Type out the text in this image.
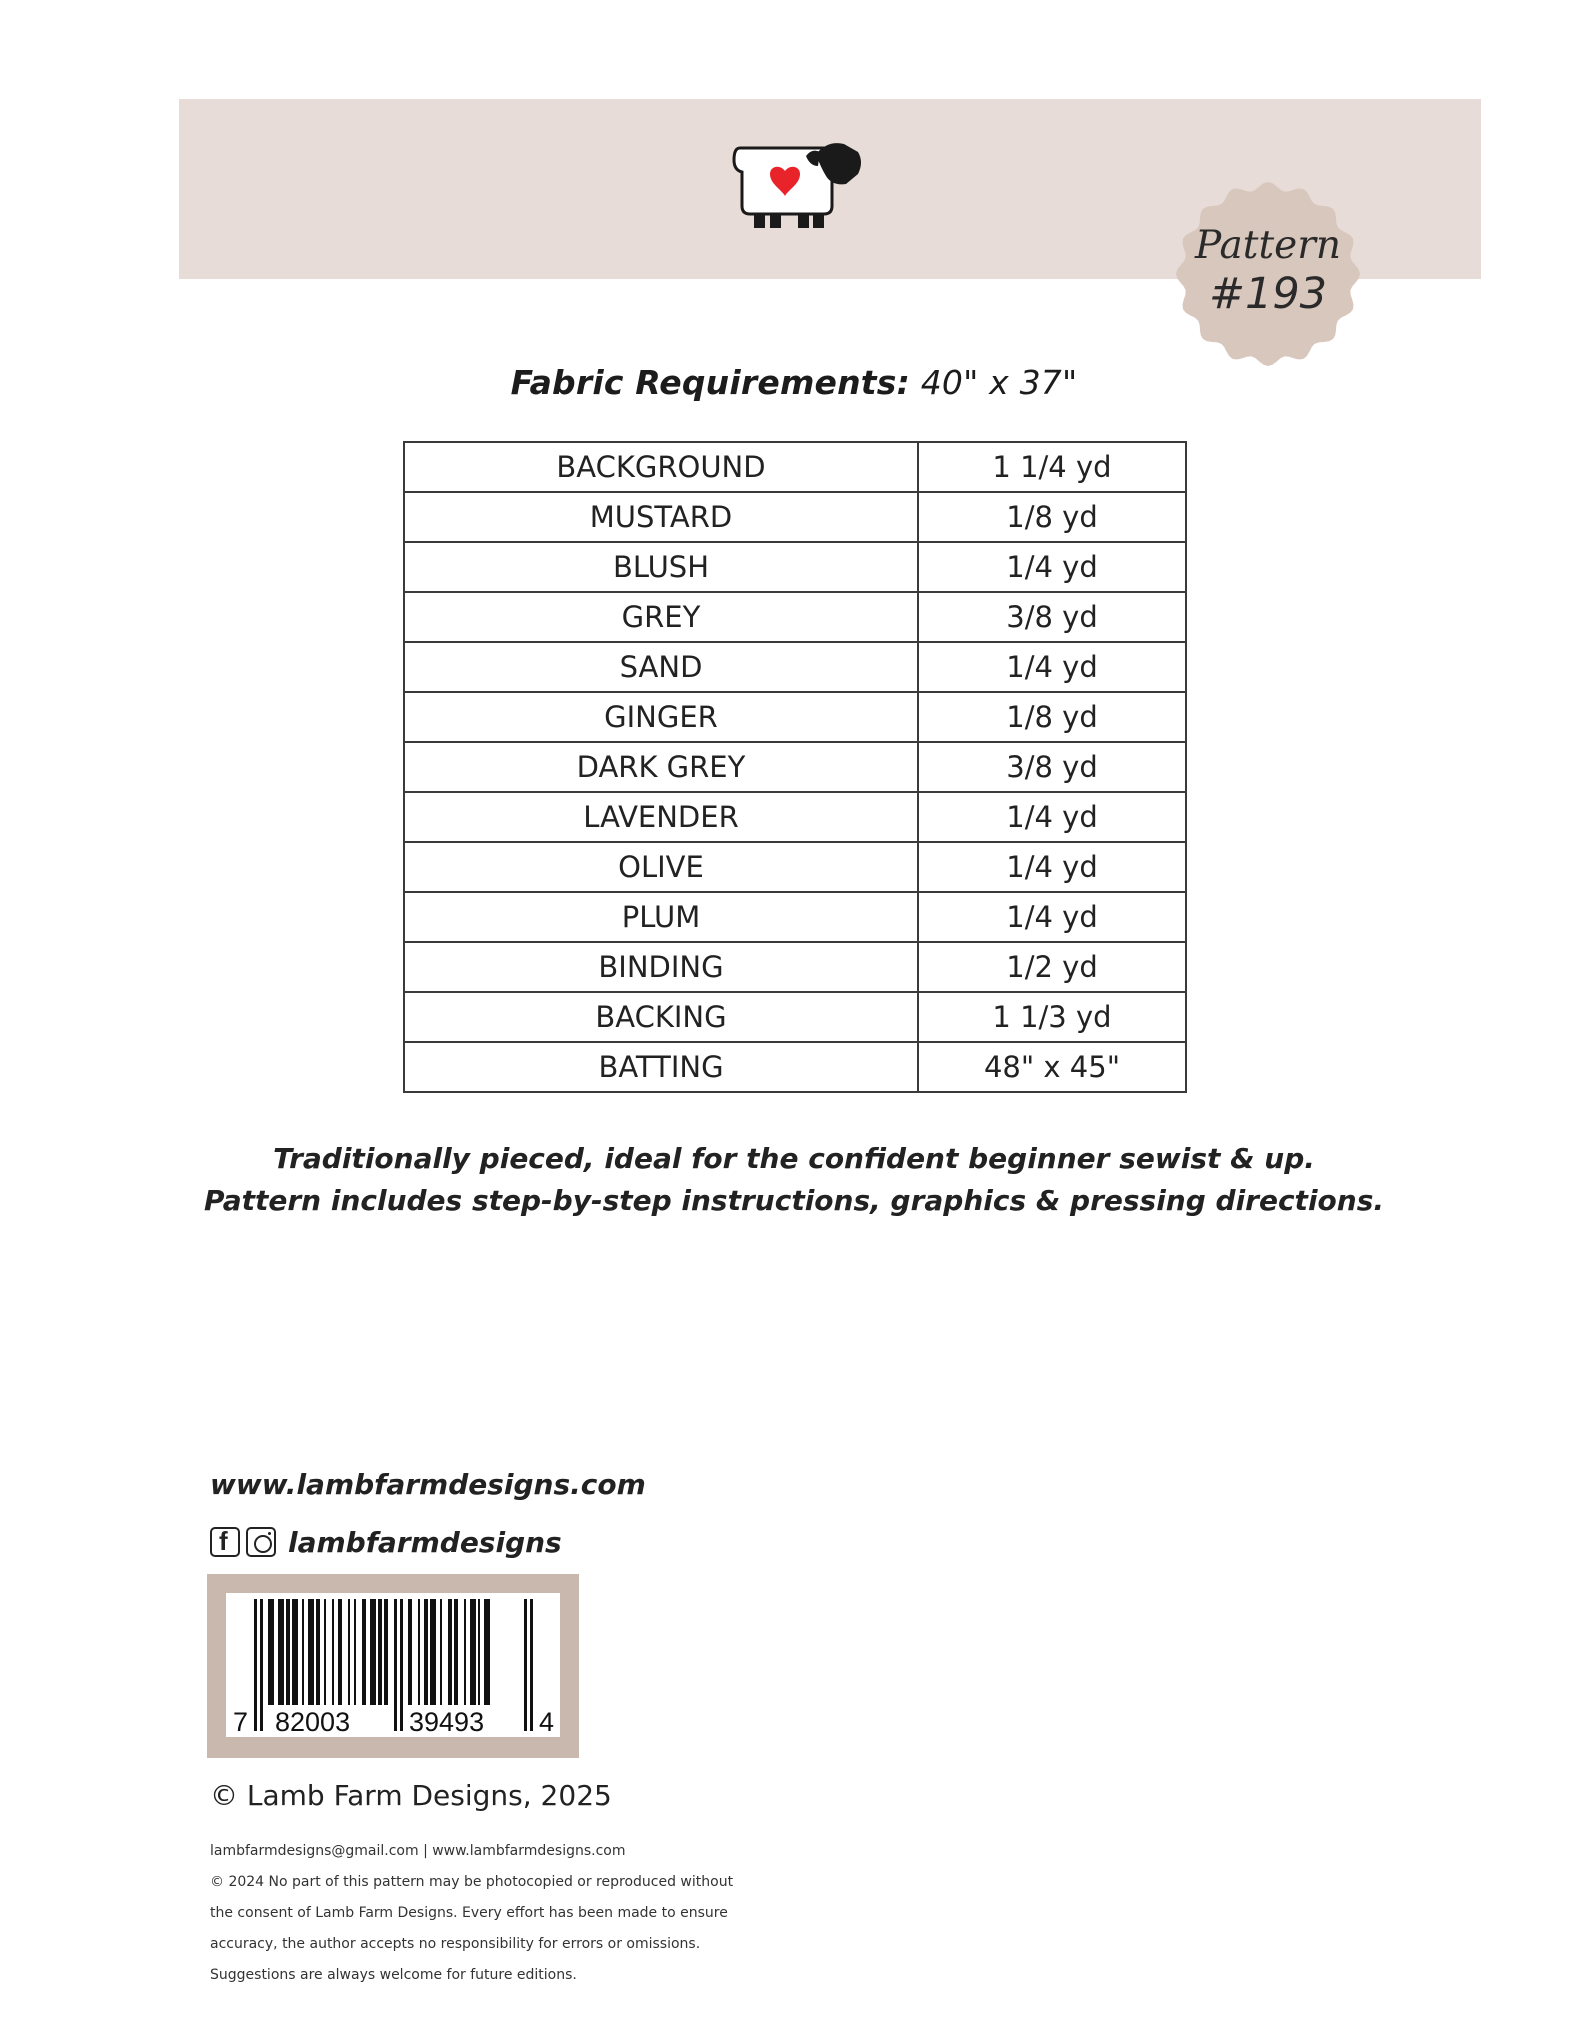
Pattern
#193
Fabric Requirements: 40" x 37"
BACKGROUND	1 1/4 yd
MUSTARD	1/8 yd
BLUSH	1/4 yd
GREY	3/8 yd
SAND	1/4 yd
GINGER	1/8 yd
DARK GREY	3/8 yd
LAVENDER	1/4 yd
OLIVE	1/4 yd
PLUM	1/4 yd
BINDING	1/2 yd
BACKING	1 1/3 yd
BATTING	48" x 45"
Traditionally pieced, ideal for the confident beginner sewist & up.
Pattern includes step-by-step instructions, graphics & pressing directions.
www.lambfarmdesigns.com
f
lambfarmdesigns
7 82003 39493 4
© Lamb Farm Designs, 2025
lambfarmdesigns@gmail.com | www.lambfarmdesigns.com
© 2024 No part of this pattern may be photocopied or reproduced without
the consent of Lamb Farm Designs. Every effort has been made to ensure
accuracy, the author accepts no responsibility for errors or omissions.
Suggestions are always welcome for future editions.
